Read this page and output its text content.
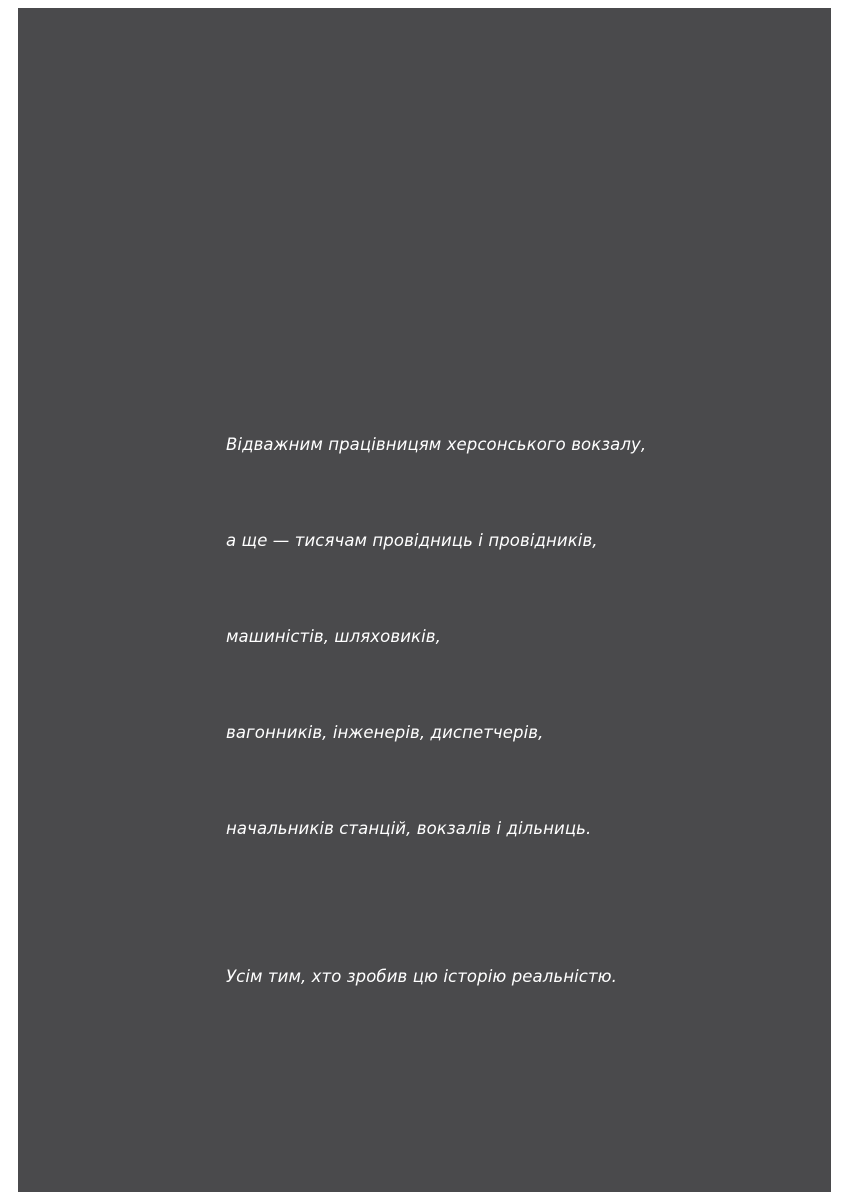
Відважним працівницям херсонського вокзалу,

а ще — тисячам провідниць і провідників,

машиністів, шляховиків,

вагонників, інженерів, диспетчерів,

начальників станцій, вокзалів і дільниць.

Усім тим, хто зробив цю історію реальністю.
